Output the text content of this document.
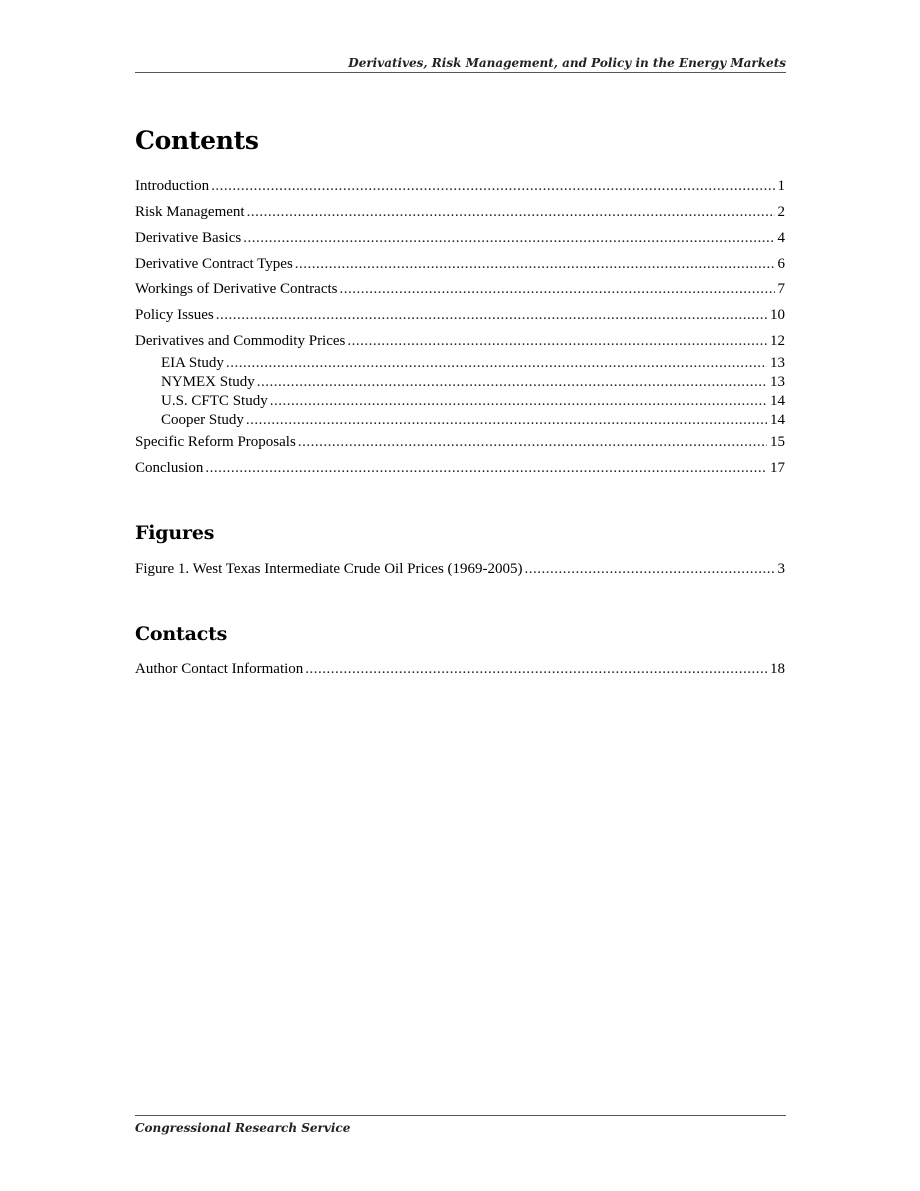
Derivatives, Risk Management, and Policy in the Energy Markets
Contents
Introduction .....	1
Risk Management .....	2
Derivative Basics .....	4
Derivative Contract Types .....	6
Workings of Derivative Contracts .....	7
Policy Issues .....	10
Derivatives and Commodity Prices .....	12
EIA Study .....	13
NYMEX Study .....	13
U.S. CFTC Study .....	14
Cooper Study .....	14
Specific Reform Proposals .....	15
Conclusion .....	17
Figures
Figure 1. West Texas Intermediate Crude Oil Prices (1969-2005) .....	3
Contacts
Author Contact Information .....	18
Congressional Research Service
